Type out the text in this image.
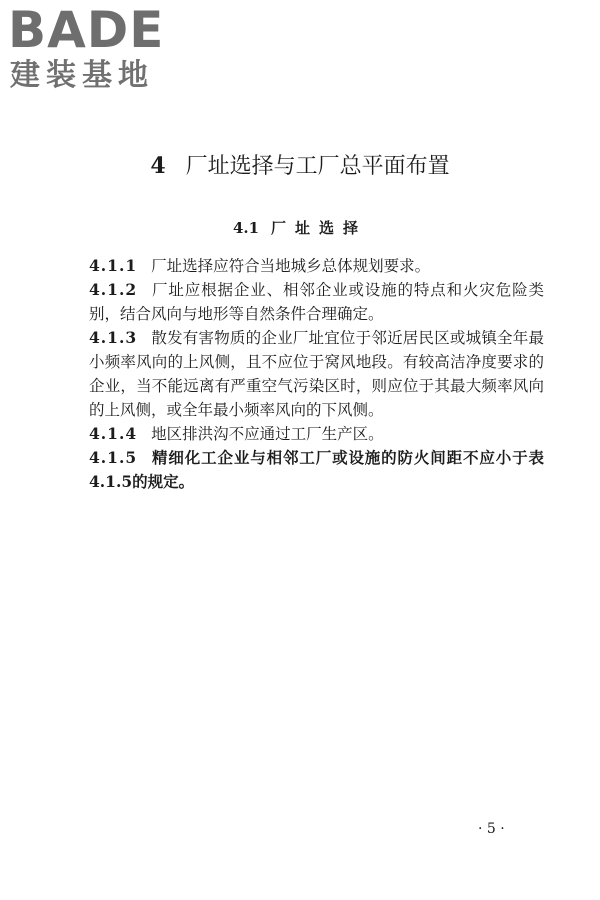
BADE
建装基地
4 厂址选择与工厂总平面布置
4.1 厂址选择

4.1.1 厂址选择应符合当地城乡总体规划要求。

4.1.2 厂址应根据企业、相邻企业或设施的特点和火灾危险类别，结合风向与地形等自然条件合理确定。

4.1.3 散发有害物质的企业厂址宜位于邻近居民区或城镇全年最小频率风向的上风侧，且不应位于窝风地段。有较高洁净度要求的企业，当不能远离有严重空气污染区时，则应位于其最大频率风向的上风侧，或全年最小频率风向的下风侧。

4.1.4 地区排洪沟不应通过工厂生产区。

4.1.5 精细化工企业与相邻工厂或设施的防火间距不应小于表4.1.5的规定。

· 5 ·
